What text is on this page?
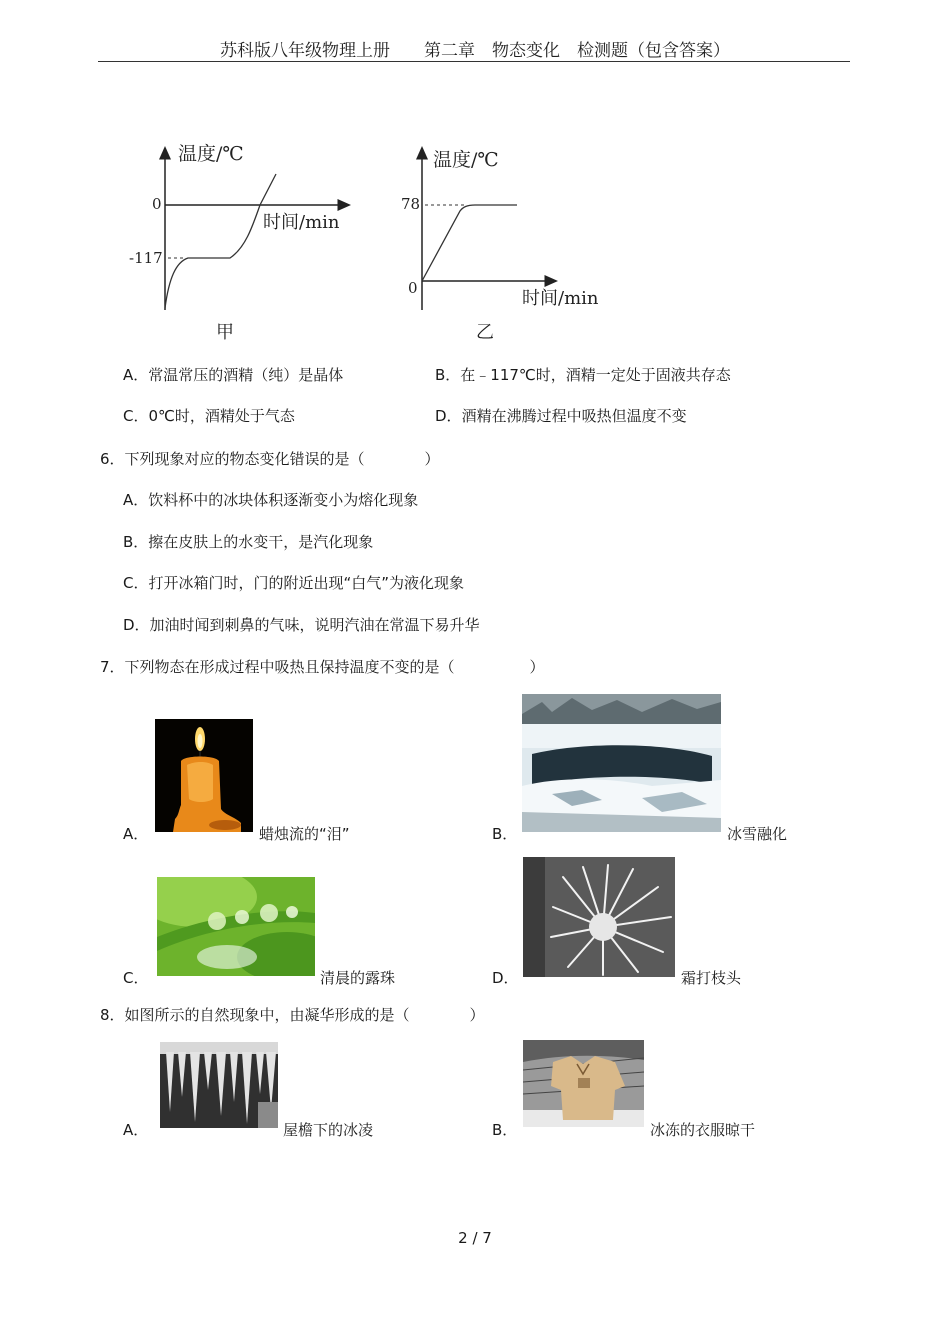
苏科版八年级物理上册　　第二章　物态变化　检测题（包含答案）
温度/℃
0
-117
时间/min
甲
温度/℃
78
0	时间/min
乙
A．常温常压的酒精（纯）是晶体	B．在﹣117℃时，酒精一定处于固液共存态
C．0℃时，酒精处于气态	D．酒精在沸腾过程中吸热但温度不变
6．下列现象对应的物态变化错误的是（　　　　）
A．饮料杯中的冰块体积逐渐变小为熔化现象
B．擦在皮肤上的水变干，是汽化现象
C．打开冰箱门时，门的附近出现“白气”为液化现象
D．加油时闻到刺鼻的气味，说明汽油在常温下易升华
7．下列物态在形成过程中吸热且保持温度不变的是（　　　　　）
A．	蜡烛流的“泪”	B．	冰雪融化
C．	清晨的露珠	D．	霜打枝头
8．如图所示的自然现象中，由凝华形成的是（　　　　）
A．	屋檐下的冰凌	B．	冰冻的衣服晾干
2 / 7
